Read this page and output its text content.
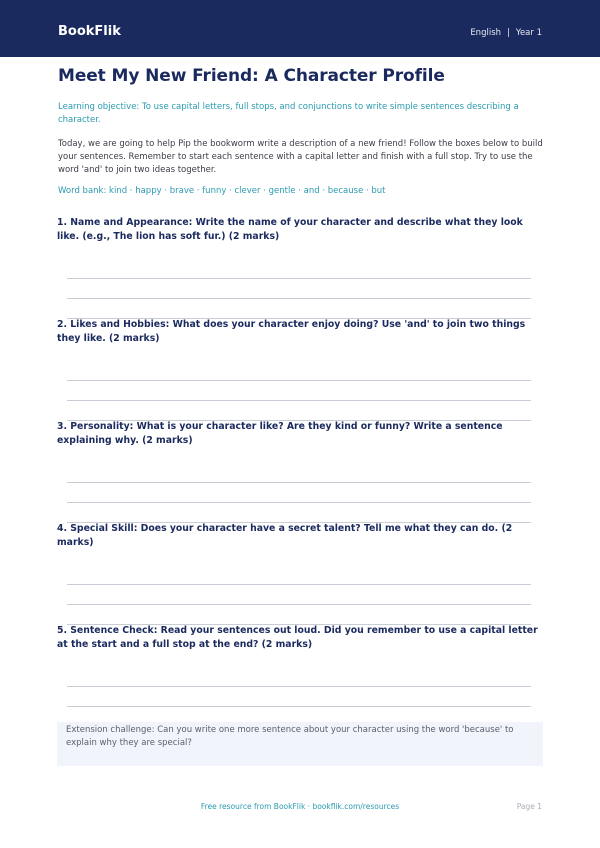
BookFlik	English | Year 1
Meet My New Friend: A Character Profile
Learning objective: To use capital letters, full stops, and conjunctions to write simple sentences describing a character.
Today, we are going to help Pip the bookworm write a description of a new friend! Follow the boxes below to build your sentences. Remember to start each sentence with a capital letter and finish with a full stop. Try to use the word 'and' to join two ideas together.
Word bank: kind · happy · brave · funny · clever · gentle · and · because · but
1. Name and Appearance: Write the name of your character and describe what they look like. (e.g., The lion has soft fur.) (2 marks)
2. Likes and Hobbies: What does your character enjoy doing? Use 'and' to join two things they like. (2 marks)
3. Personality: What is your character like? Are they kind or funny? Write a sentence explaining why. (2 marks)
4. Special Skill: Does your character have a secret talent? Tell me what they can do. (2 marks)
5. Sentence Check: Read your sentences out loud. Did you remember to use a capital letter at the start and a full stop at the end? (2 marks)
Extension challenge: Can you write one more sentence about your character using the word 'because' to explain why they are special?
Free resource from BookFlik · bookflik.com/resources	Page 1
